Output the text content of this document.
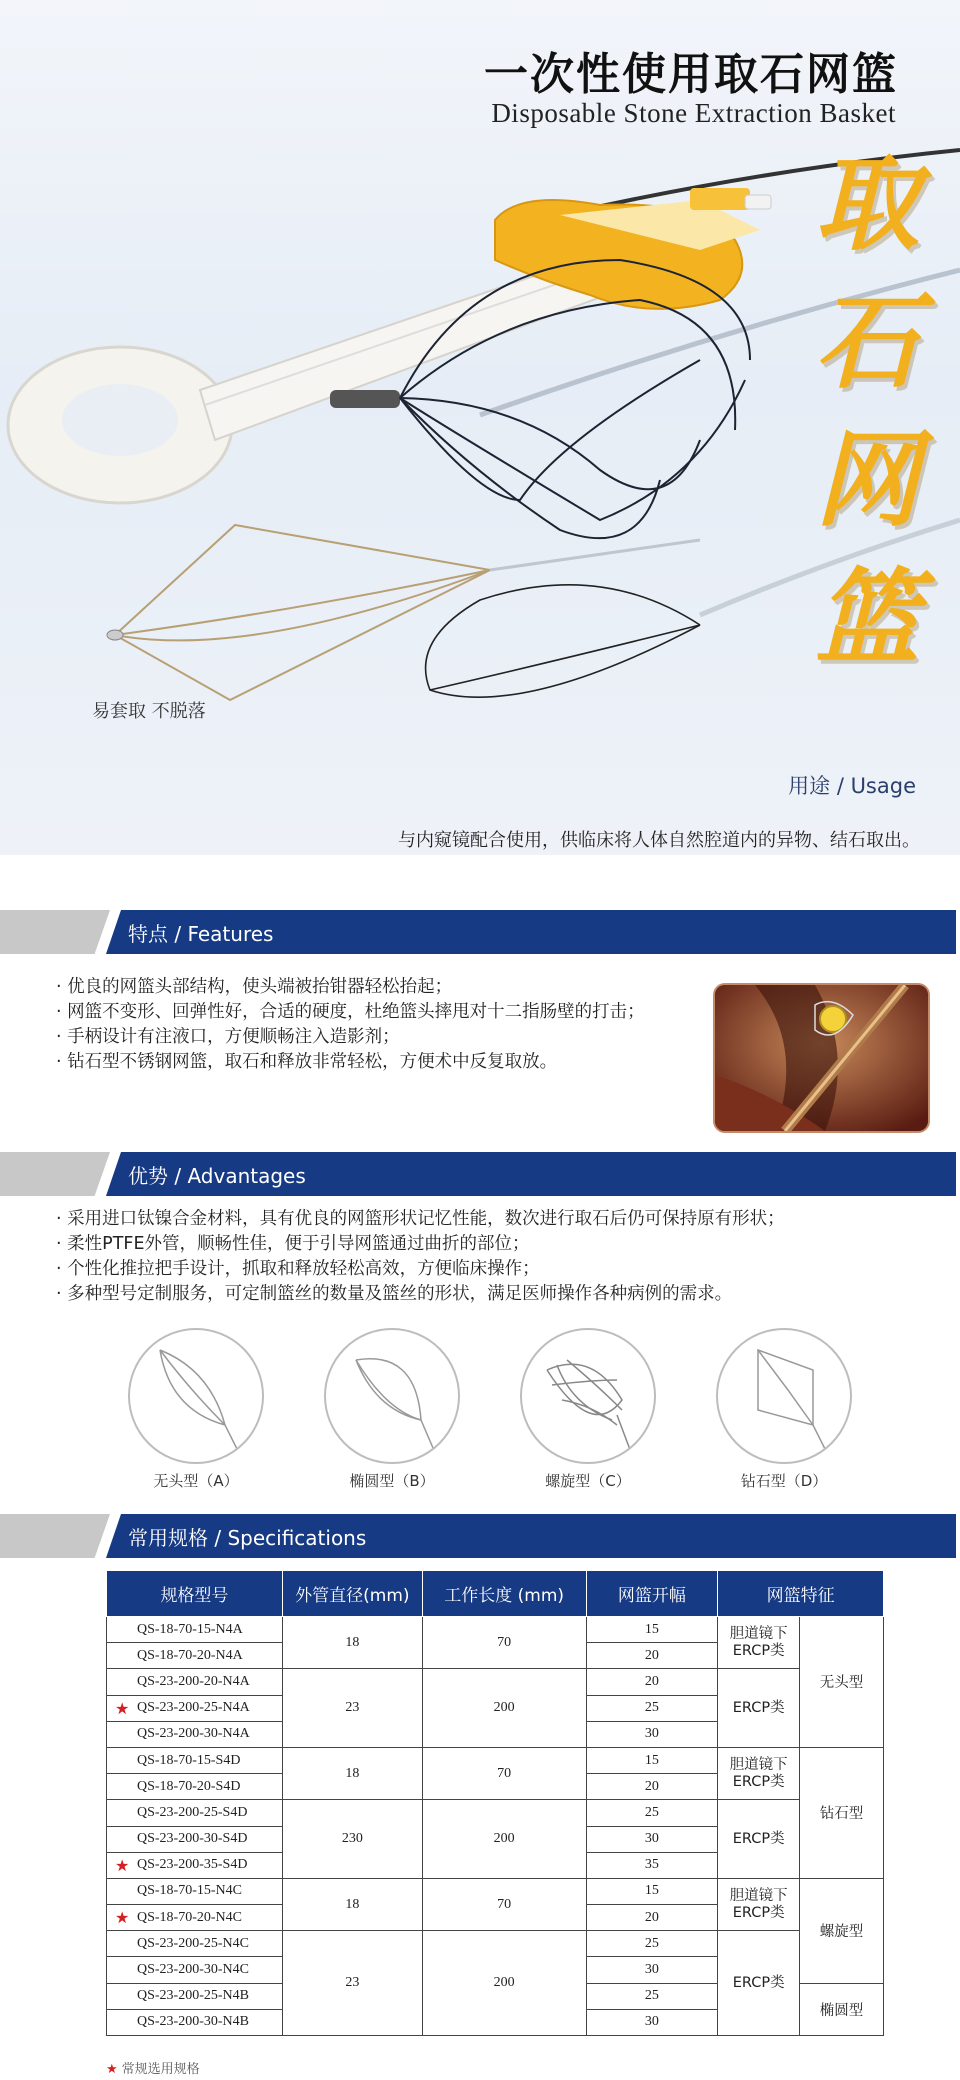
一次性使用取石网篮
Disposable Stone Extraction Basket
取
石
网
篮
易套取 不脱落
用途 / Usage
与内窥镜配合使用，供临床将人体自然腔道内的异物、结石取出。
特点 / Features
· 优良的网篮头部结构，使头端被抬钳器轻松抬起；
· 网篮不变形、回弹性好，合适的硬度，杜绝篮头摔甩对十二指肠壁的打击；
· 手柄设计有注液口，方便顺畅注入造影剂；
· 钻石型不锈钢网篮，取石和释放非常轻松，方便术中反复取放。
优势 / Advantages
· 采用进口钛镍合金材料，具有优良的网篮形状记忆性能，数次进行取石后仍可保持原有形状；
· 柔性PTFE外管，顺畅性佳，便于引导网篮通过曲折的部位；
· 个性化推拉把手设计，抓取和释放轻松高效，方便临床操作；
· 多种型号定制服务，可定制篮丝的数量及篮丝的形状，满足医师操作各种病例的需求。
无头型（A）	椭圆型（B）	螺旋型（C）	钻石型（D）
常用规格 / Specifications
规格型号	外管直径(mm)	工作长度 (mm)	网篮开幅	网篮特征	
QS-18-70-15-N4A	18	70	15	胆道镜下ERCP类	无头型
QS-18-70-20-N4A			20		
QS-23-200-20-N4A	23	200	20	ERCP类	

★ QS-23-200-25-N4A			25		
QS-23-200-30-N4A			30		
QS-18-70-15-S4D	18	70	15	胆道镜下ERCP类	钻石型
QS-18-70-20-S4D			20		
QS-23-200-25-S4D	230	200	25	ERCP类	
QS-23-200-30-S4D			30		

★ QS-23-200-35-S4D			35		
QS-18-70-15-N4C	18	70	15	胆道镜下ERCP类	螺旋型

★ QS-18-70-20-N4C			20		
QS-23-200-25-N4C	23	200	25	ERCP类	
QS-23-200-30-N4C			30		
QS-23-200-25-N4B			25		椭圆型
QS-23-200-30-N4B			30		
★ 常规选用规格
